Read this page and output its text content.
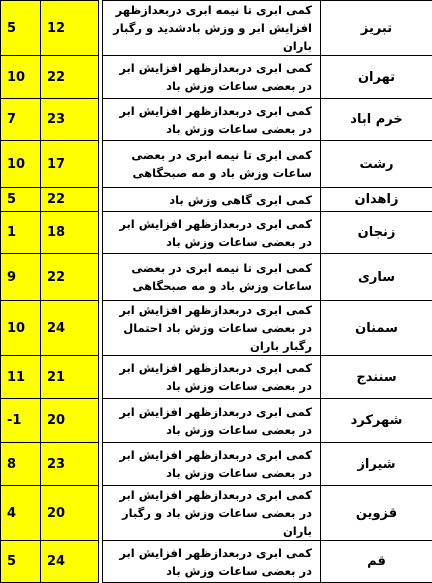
5	12		کمی ابری تا نیمه ابری دربعدازظهر افزایش ابر و وزش بادشدید و رگبار باران	تبریز
10	22		کمی ابری دربعدازظهر افزایش ابر در بعضی ساعات وزش باد	تهران
7	23		کمی ابری دربعدازظهر افزایش ابر در بعضی ساعات وزش باد	خرم اباد
10	17		کمی ابری تا نیمه ابری در بعضی ساعات وزش باد و مه صبحگاهی	رشت
5	22		کمی ابری گاهی وزش باد	زاهدان
1	18		کمی ابری دربعدازظهر افزایش ابر در بعضی ساعات وزش باد	زنجان
9	22		کمی ابری تا نیمه ابری در بعضی ساعات وزش باد و مه صبحگاهی	ساری
10	24		کمی ابری دربعدازظهر افزایش ابر در بعضی ساعات وزش باد احتمال رگبار باران	سمنان
11	21		کمی ابری دربعدازظهر افزایش ابر در بعضی ساعات وزش باد	سنندج
-1	20		کمی ابری دربعدازظهر افزایش ابر در بعضی ساعات وزش باد	شهرکرد
8	23		کمی ابری دربعدازظهر افزایش ابر در بعضی ساعات وزش باد	شیراز
4	20		کمی ابری دربعدازظهر افزایش ابر در بعضی ساعات وزش باد و رگبار باران	قزوین
5	24		کمی ابری دربعدازظهر افزایش ابر در بعضی ساعات وزش باد	قم
